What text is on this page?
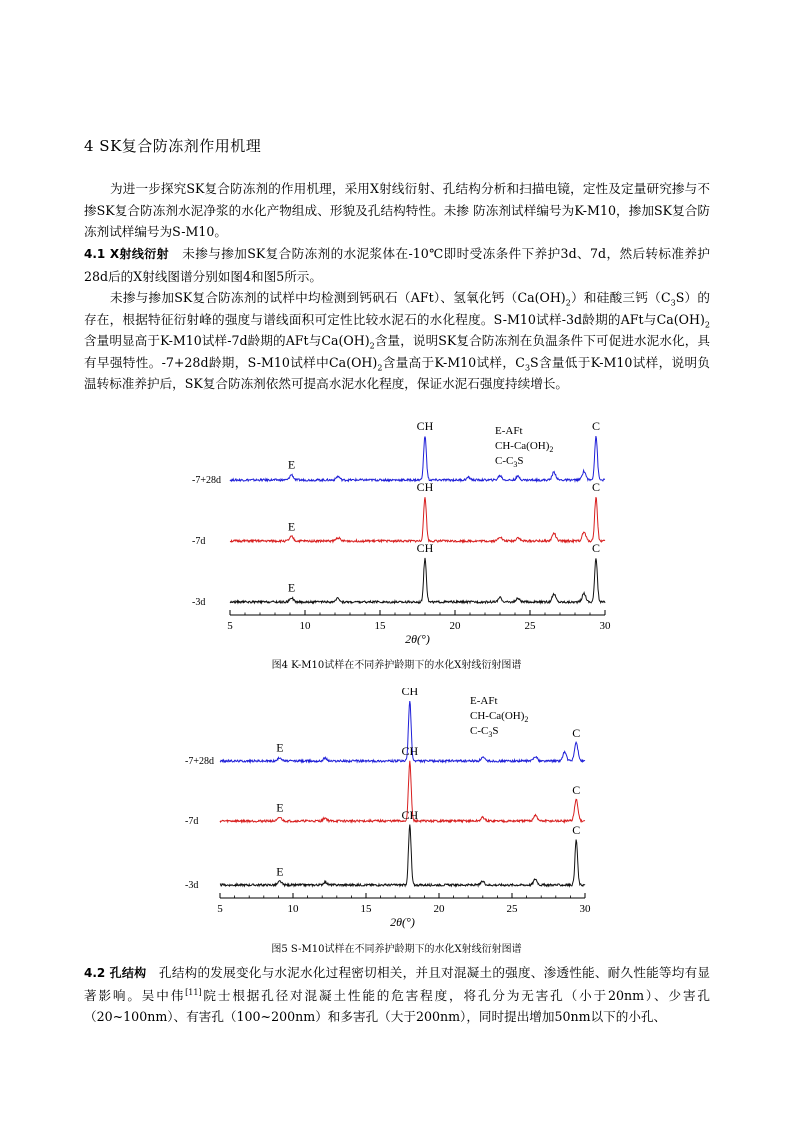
4 SK复合防冻剂作用机理
为进一步探究SK复合防冻剂的作用机理，采用X射线衍射、孔结构分析和扫描电镜，定性及定量研究掺与不掺SK复合防冻剂水泥净浆的水化产物组成、形貌及孔结构特性。未掺 防冻剂试样编号为K-M10，掺加SK复合防冻剂试样编号为S-M10。
4.1 X射线衍射 未掺与掺加SK复合防冻剂的水泥浆体在-10℃即时受冻条件下养护3d、7d，然后转标准养护28d后的X射线图谱分别如图4和图5所示。
未掺与掺加SK复合防冻剂的试样中均检测到钙矾石（AFt）、氢氧化钙$(Ca(OH)_2)$和硅酸三钙$(C_3S)$的存在，根据特征衍射峰的强度与谱线面积可定性比较水泥石的水化程度。S-M10试样-3d龄期的AFt与$Ca(OH)_2$含量明显高于K-M10试样-7d龄期的AFt与$Ca(OH)_2$含量，说明SK复合防冻剂在负温条件下可促进水泥水化，具有早强特性。-7+28d龄期，S-M10试样中$Ca(OH)_2$含量高于K-M10试样，$C_3S$含量低于K-M10试样，说明负温转标准养护后，SK复合防冻剂依然可提高水泥水化程度，保证水泥石强度持续增长。
E-AFt
$CH-Ca(OH)_2$
$C-C_3S$
-7+28d
E
CH	C
-7d
E
CH	C
-3d
E
CH	C
5	10	15	20	25	30
2θ(°)
图4 K-M10试样在不同养护龄期下的水化X射线衍射图谱
E-AFt
$CH-Ca(OH)_2$
$C-C_3S$
-7+28d
E
CH
C
-7d
E
CH
C
-3d
E
CH
C
5	10	15	20	25	30
2θ(°)
图5 S-M10试样在不同养护龄期下的水化X射线衍射图谱
4.2 孔结构 孔结构的发展变化与水泥水化过程密切相关，并且对混凝土的强度、渗透性能、耐久性能等均有显著影响。吴中伟[11]院士根据孔径对混凝土性能的危害程度，将孔分为无害孔（小于20nm）、少害孔（20~100nm）、有害孔（100~200nm）和多害孔（大于200nm），同时提出增加50nm以下的小孔、
